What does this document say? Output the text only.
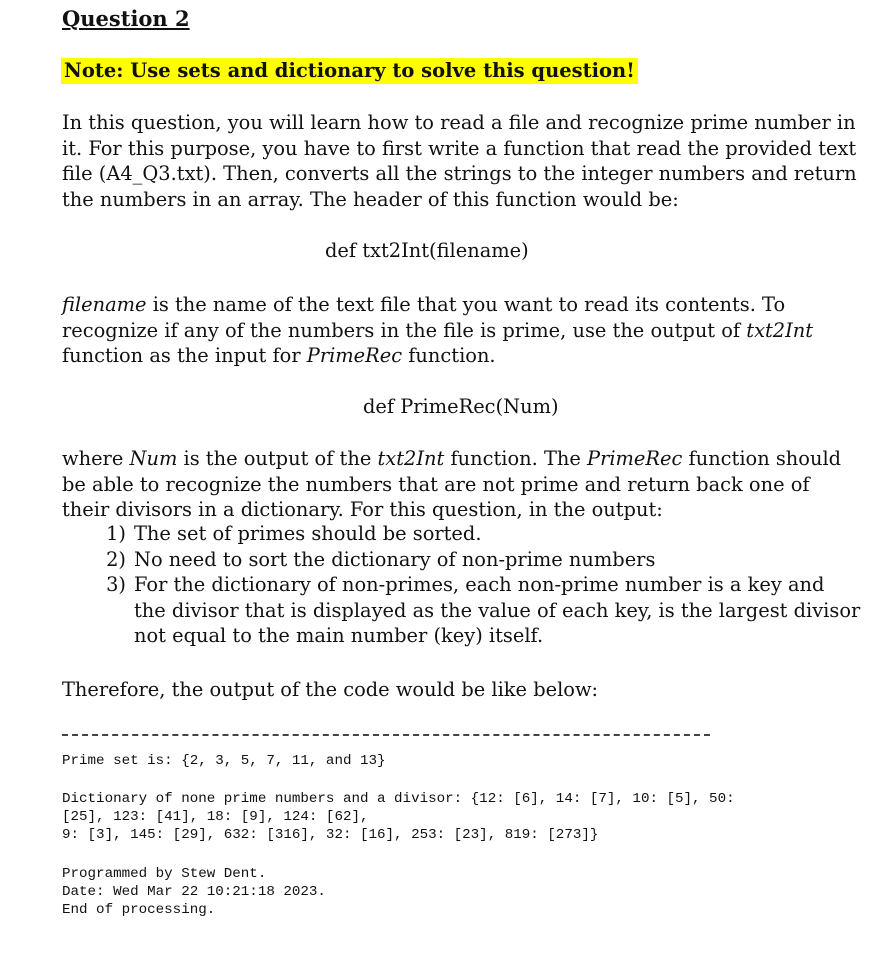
Question 2
Note: Use sets and dictionary to solve this question!
In this question, you will learn how to read a file and recognize prime number in it. For this purpose, you have to first write a function that read the provided text file (A4_Q3.txt). Then, converts all the strings to the integer numbers and return the numbers in an array. The header of this function would be:
def txt2Int(filename)
filename is the name of the text file that you want to read its contents. To recognize if any of the numbers in the file is prime, use the output of txt2Int function as the input for PrimeRec function.
def PrimeRec(Num)
where Num is the output of the txt2Int function. The PrimeRec function should be able to recognize the numbers that are not prime and return back one of their divisors in a dictionary. For this question, in the output:
1) The set of primes should be sorted.
2) No need to sort the dictionary of non-prime numbers
3) For the dictionary of non-primes, each non-prime number is a key and the divisor that is displayed as the value of each key, is the largest divisor not equal to the main number (key) itself.
Therefore, the output of the code would be like below:
Prime set is: {2, 3, 5, 7, 11, and 13}
Dictionary of none prime numbers and a divisor: {12: [6], 14: [7], 10: [5], 50:
[25], 123: [41], 18: [9], 124: [62],
9: [3], 145: [29], 632: [316], 32: [16], 253: [23], 819: [273]}
Programmed by Stew Dent.
Date: Wed Mar 22 10:21:18 2023.
End of processing.
